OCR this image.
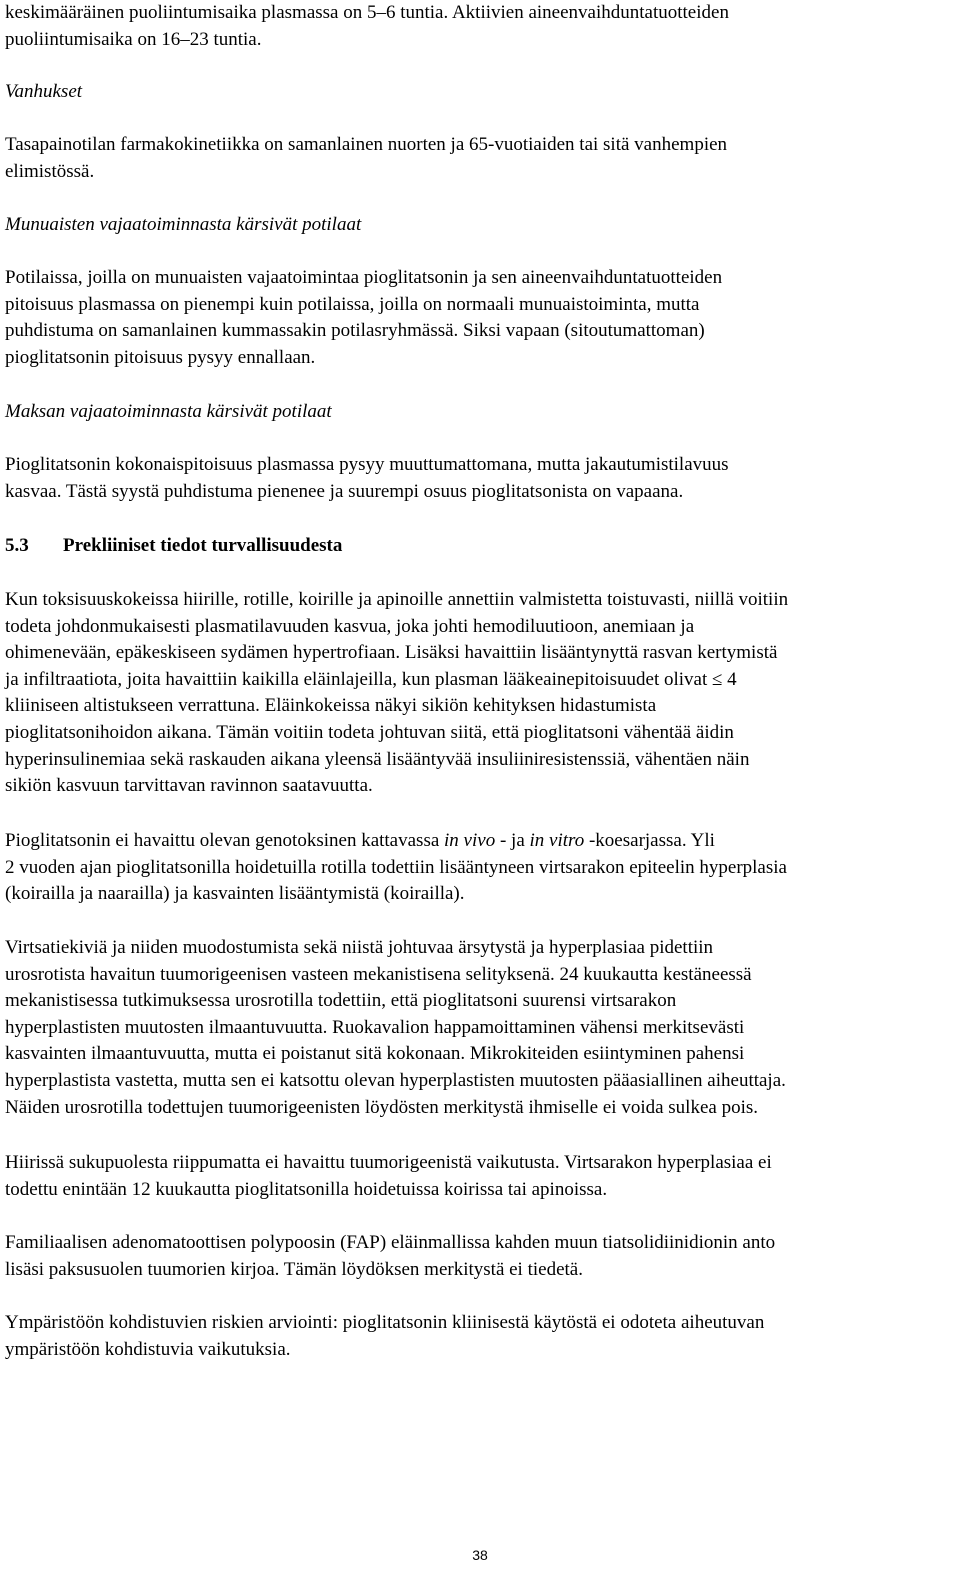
keskimääräinen puoliintumisaika plasmassa on 5–6 tuntia. Aktiivien aineenvaihduntatuotteiden
puoliintumisaika on 16–23 tuntia.

Vanhukset

Tasapainotilan farmakokinetiikka on samanlainen nuorten ja 65-vuotiaiden tai sitä vanhempien
elimistössä.

Munuaisten vajaatoiminnasta kärsivät potilaat

Potilaissa, joilla on munuaisten vajaatoimintaa pioglitatsonin ja sen aineenvaihduntatuotteiden
pitoisuus plasmassa on pienempi kuin potilaissa, joilla on normaali munuaistoiminta, mutta
puhdistuma on samanlainen kummassakin potilasryhmässä. Siksi vapaan (sitoutumattoman)
pioglitatsonin pitoisuus pysyy ennallaan.

Maksan vajaatoiminnasta kärsivät potilaat

Pioglitatsonin kokonaispitoisuus plasmassa pysyy muuttumattomana, mutta jakautumistilavuus
kasvaa. Tästä syystä puhdistuma pienenee ja suurempi osuus pioglitatsonista on vapaana.

5.3 Prekliiniset tiedot turvallisuudesta

Kun toksisuuskokeissa hiirille, rotille, koirille ja apinoille annettiin valmistetta toistuvasti, niillä voitiin
todeta johdonmukaisesti plasmatilavuuden kasvua, joka johti hemodiluutioon, anemiaan ja
ohimenevään, epäkeskiseen sydämen hypertrofiaan. Lisäksi havaittiin lisääntynyttä rasvan kertymistä
ja infiltraatiota, joita havaittiin kaikilla eläinlajeilla, kun plasman lääkeainepitoisuudet olivat ≤ 4
kliiniseen altistukseen verrattuna. Eläinkokeissa näkyi sikiön kehityksen hidastumista
pioglitatsonihoidon aikana. Tämän voitiin todeta johtuvan siitä, että pioglitatsoni vähentää äidin
hyperinsulinemiaa sekä raskauden aikana yleensä lisääntyvää insuliiniresistenssiä, vähentäen näin
sikiön kasvuun tarvittavan ravinnon saatavuutta.

Pioglitatsonin ei havaittu olevan genotoksinen kattavassa in vivo - ja in vitro -koesarjassa. Yli
2 vuoden ajan pioglitatsonilla hoidetuilla rotilla todettiin lisääntyneen virtsarakon epiteelin hyperplasia
(koirailla ja naarailla) ja kasvainten lisääntymistä (koirailla).

Virtsatiekiviä ja niiden muodostumista sekä niistä johtuvaa ärsytystä ja hyperplasiaa pidettiin
urosrotista havaitun tuumorigeenisen vasteen mekanistisena selityksenä. 24 kuukautta kestäneessä
mekanistisessa tutkimuksessa urosrotilla todettiin, että pioglitatsoni suurensi virtsarakon
hyperplastisten muutosten ilmaantuvuutta. Ruokavalion happamoittaminen vähensi merkitsevästi
kasvainten ilmaantuvuutta, mutta ei poistanut sitä kokonaan. Mikrokiteiden esiintyminen pahensi
hyperplastista vastetta, mutta sen ei katsottu olevan hyperplastisten muutosten pääasiallinen aiheuttaja.
Näiden urosrotilla todettujen tuumorigeenisten löydösten merkitystä ihmiselle ei voida sulkea pois.

Hiirissä sukupuolesta riippumatta ei havaittu tuumorigeenistä vaikutusta. Virtsarakon hyperplasiaa ei
todettu enintään 12 kuukautta pioglitatsonilla hoidetuissa koirissa tai apinoissa.

Familiaalisen adenomatoottisen polypoosin (FAP) eläinmallissa kahden muun tiatsolidiinidionin anto
lisäsi paksusuolen tuumorien kirjoa. Tämän löydöksen merkitystä ei tiedetä.

Ympäristöön kohdistuvien riskien arviointi: pioglitatsonin kliinisestä käytöstä ei odoteta aiheutuvan
ympäristöön kohdistuvia vaikutuksia.

38
